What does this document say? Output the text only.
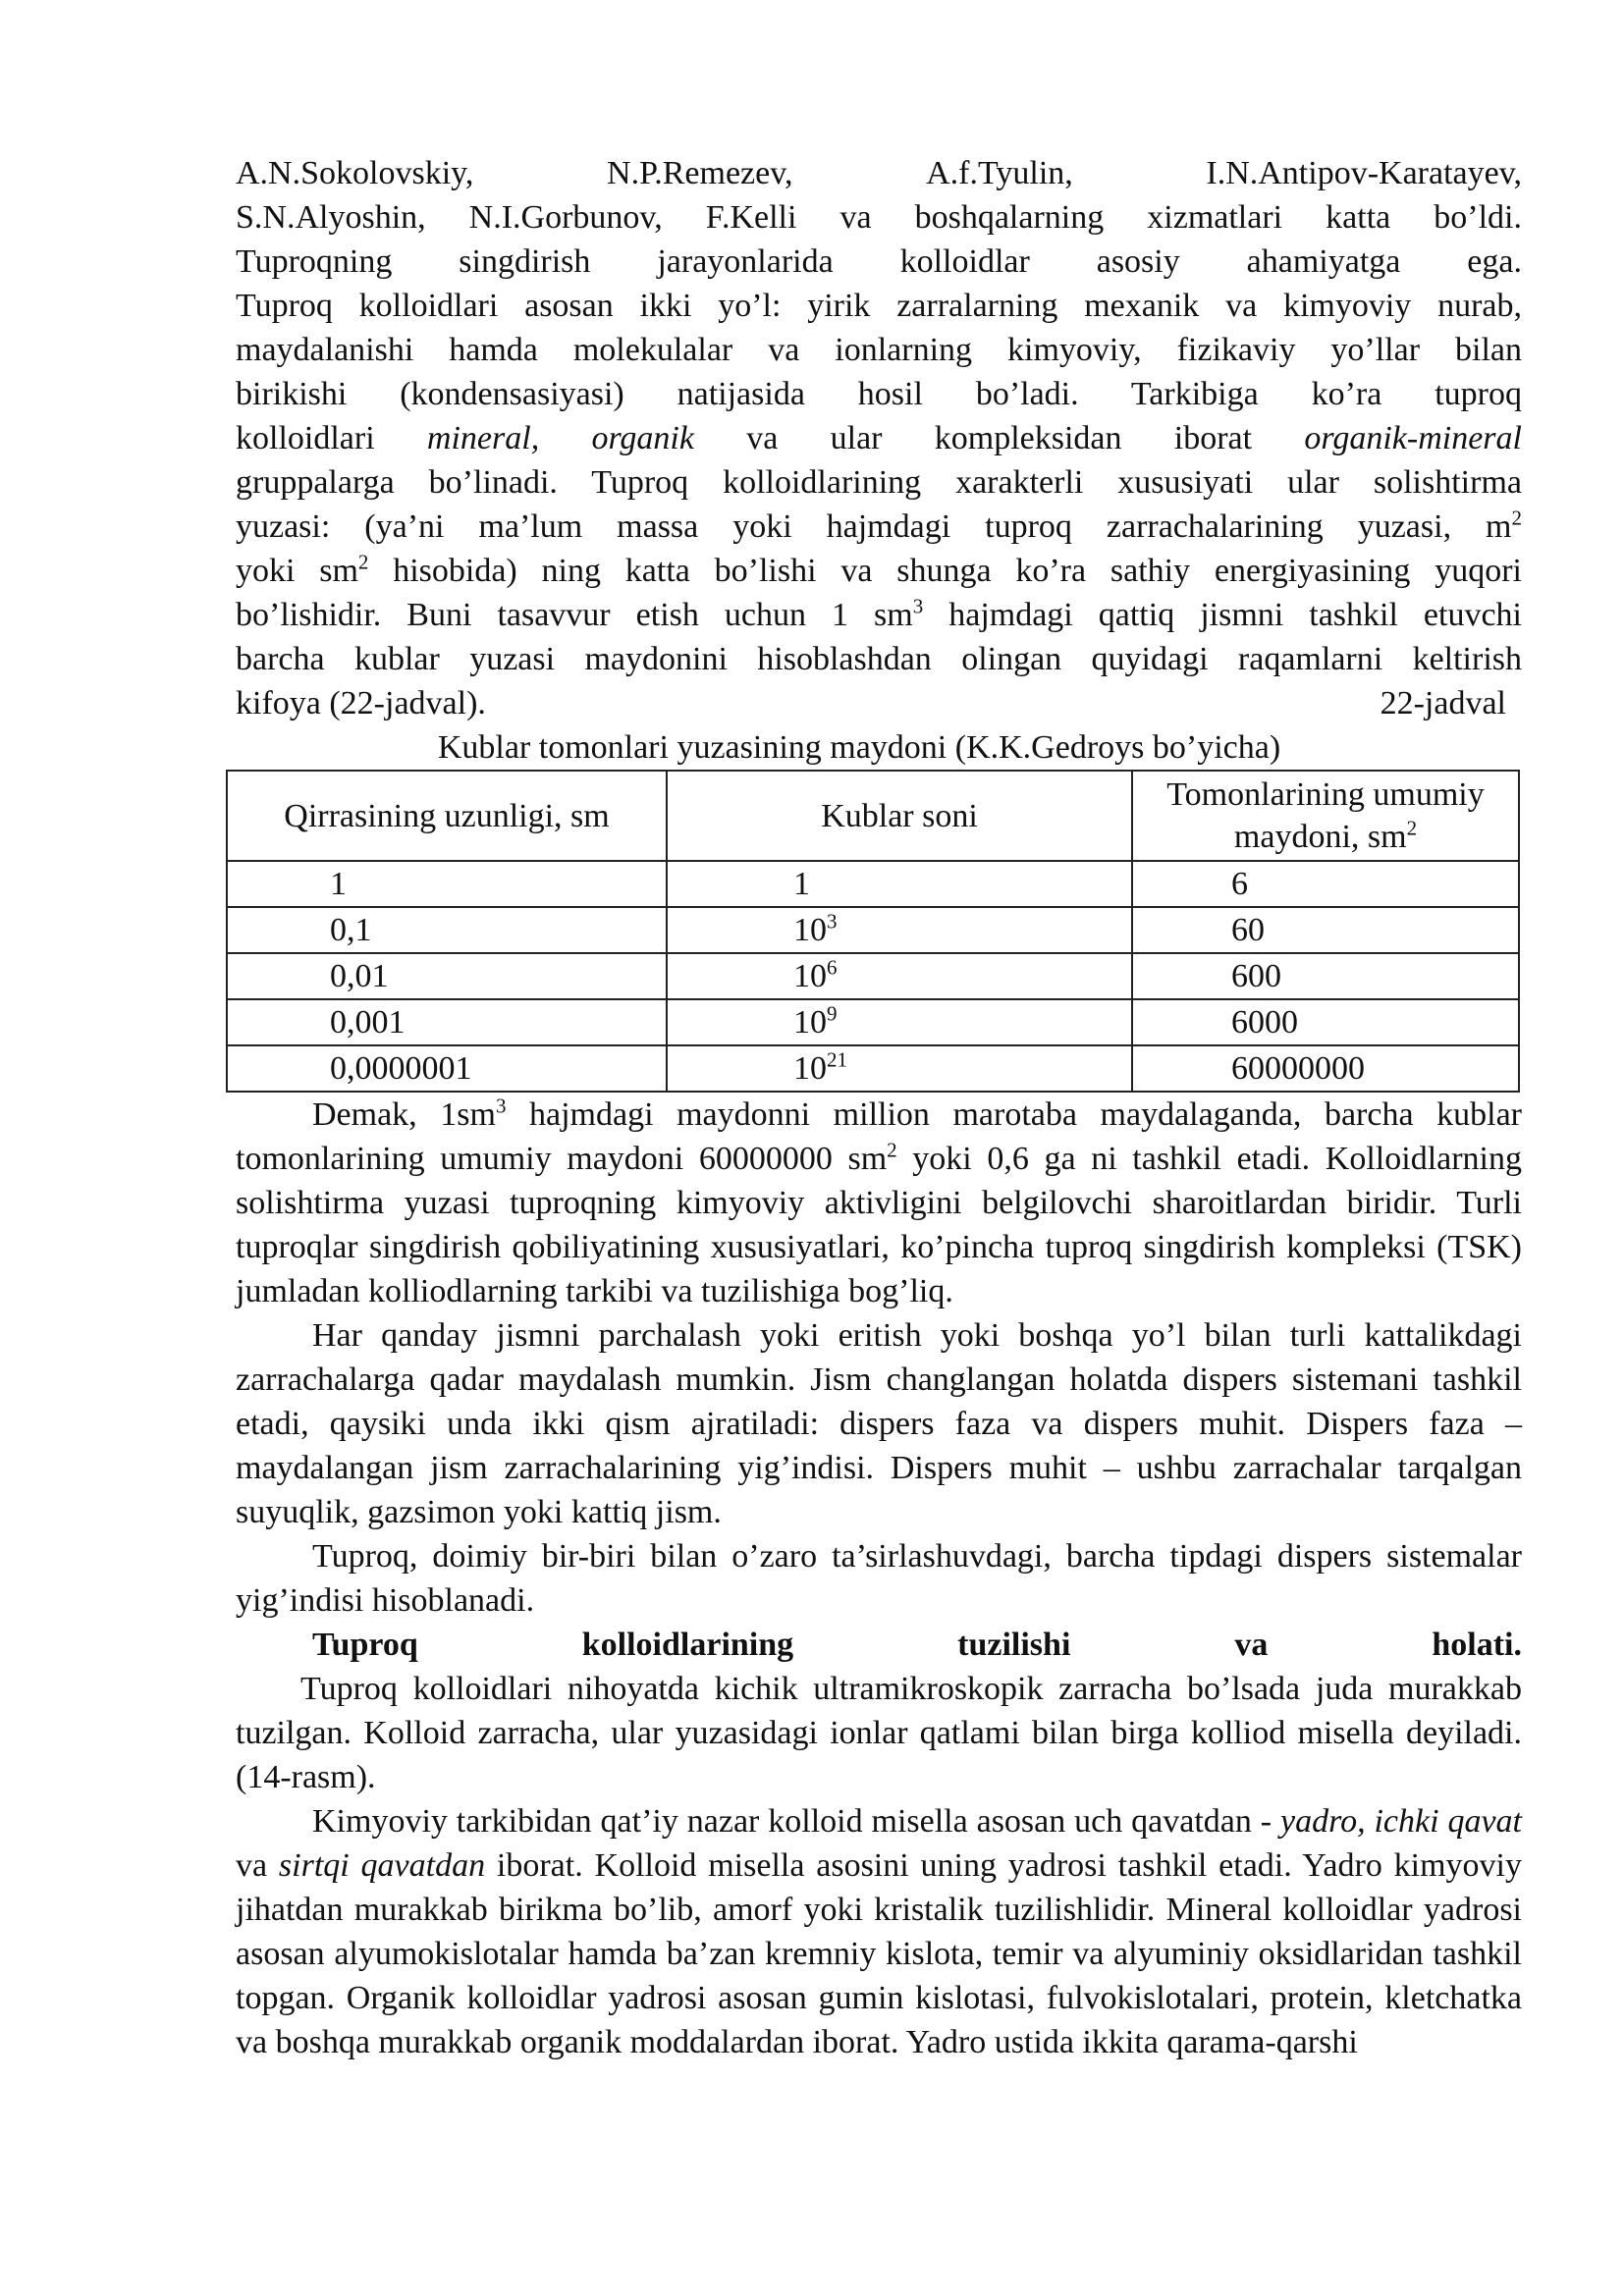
A.N.Sokolovskiy,	N.P.Remezev,	A.f.Tyulin,	I.N.Antipov-Karatayev,

S.N.Alyoshin, N.I.Gorbunov, F.Kelli va boshqalarning xizmatlari katta bo’ldi.

Tuproqning singdirish jarayonlarida kolloidlar asosiy ahamiyatga ega.

Tuproq kolloidlari asosan ikki yo’l: yirik zarralarning mexanik va kimyoviy nurab,

maydalanishi hamda molekulalar va ionlarning kimyoviy, fizikaviy yo’llar bilan

birikishi (kondensasiyasi) natijasida hosil bo’ladi. Tarkibiga ko’ra tuproq

kolloidlari mineral, organik va ular kompleksidan iborat organik-mineral

gruppalarga bo’linadi. Tuproq kolloidlarining xarakterli xususiyati ular solishtirma

yuzasi: (ya’ni ma’lum massa yoki hajmdagi tuproq zarrachalarining yuzasi, $m^2$

yoki $sm^2$ hisobida) ning katta bo’lishi va shunga ko’ra sathiy energiyasining yuqori

bo’lishidir. Buni tasavvur etish uchun 1 $sm^3$ hajmdagi qattiq jismni tashkil etuvchi

barcha kublar yuzasi maydonini hisoblashdan olingan quyidagi raqamlarni keltirish

kifoya (22-jadval).	22-jadval
Kublar tomonlari yuzasining maydoni (K.K.Gedroys bo’yicha)
Qirrasining uzunligi, sm	Kublar soni	Tomonlarining umumiy maydoni, $sm^2$
1	1	6
0,1	$10^3$	60
0,01	$10^6$	600
0,001	$10^9$	6000
0,0000001	$10^{21}$	60000000

Demak, $1sm^3$ hajmdagi maydonni million marotaba maydalaganda, barcha kublar tomonlarining umumiy maydoni 60000000 $sm^2$ yoki 0,6 ga ni tashkil etadi. Kolloidlarning solishtirma yuzasi tuproqning kimyoviy aktivligini belgilovchi sharoitlardan biridir. Turli tuproqlar singdirish qobiliyatining xususiyatlari, ko’pincha tuproq singdirish kompleksi (TSK) jumladan kolliodlarning tarkibi va tuzilishiga bog’liq.

Har qanday jismni parchalash yoki eritish yoki boshqa yo’l bilan turli kattalikdagi zarrachalarga qadar maydalash mumkin. Jism changlangan holatda dispers sistemani tashkil etadi, qaysiki unda ikki qism ajratiladi: dispers faza va dispers muhit. Dispers faza – maydalangan jism zarrachalarining yig’indisi. Dispers muhit – ushbu zarrachalar tarqalgan suyuqlik, gazsimon yoki kattiq jism.

Tuproq, doimiy bir-biri bilan o’zaro ta’sirlashuvdagi, barcha tipdagi dispers sistemalar yig’indisi hisoblanadi.

Tuproq	kolloidlarining	tuzilishi	va	holati.

Tuproq kolloidlari nihoyatda kichik ultramikroskopik zarracha bo’lsada juda murakkab tuzilgan. Kolloid zarracha, ular yuzasidagi ionlar qatlami bilan birga kolliod misella deyiladi. (14-rasm).

Kimyoviy tarkibidan qat’iy nazar kolloid misella asosan uch qavatdan - yadro, ichki qavat va sirtqi qavatdan iborat. Kolloid misella asosini uning yadrosi tashkil etadi. Yadro kimyoviy jihatdan murakkab birikma bo’lib, amorf yoki kristalik tuzilishlidir. Mineral kolloidlar yadrosi asosan alyumokislotalar hamda ba’zan kremniy kislota, temir va alyuminiy oksidlaridan tashkil topgan. Organik kolloidlar yadrosi asosan gumin kislotasi, fulvokislotalari, protein, kletchatka va boshqa murakkab organik moddalardan iborat. Yadro ustida ikkita qarama-qarshi
